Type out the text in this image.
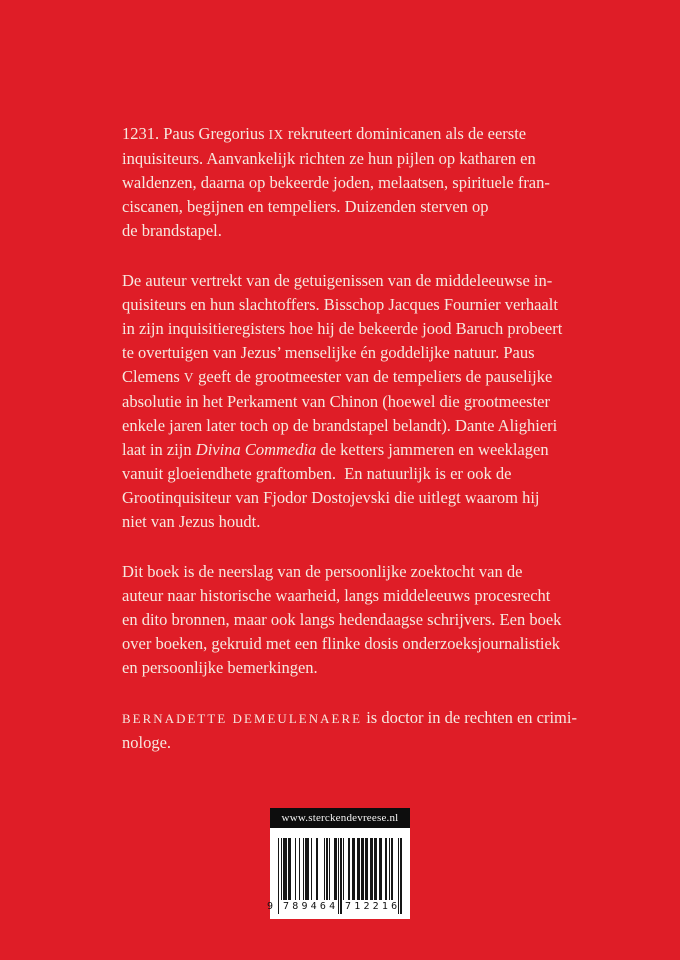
1231. Paus Gregorius IX rekruteert dominicanen als de eerste
inquisiteurs. Aanvankelijk richten ze hun pijlen op katharen en
waldenzen, daarna op bekeerde joden, melaatsen, spirituele fran-
ciscanen, begijnen en tempeliers. Duizenden sterven op
de brandstapel.
De auteur vertrekt van de getuigenissen van de middeleeuwse in-
quisiteurs en hun slachtoffers. Bisschop Jacques Fournier verhaalt
in zijn inquisitieregisters hoe hij de bekeerde jood Baruch probeert
te overtuigen van Jezus’ menselijke én goddelijke natuur. Paus
Clemens V geeft de grootmeester van de tempeliers de pauselijke
absolutie in het Perkament van Chinon (hoewel die grootmeester
enkele jaren later toch op de brandstapel belandt). Dante Alighieri
laat in zijn Divina Commedia de ketters jammeren en weeklagen
vanuit gloeiendhete graftomben.  En natuurlijk is er ook de
Grootinquisiteur van Fjodor Dostojevski die uitlegt waarom hij
niet van Jezus houdt.
Dit boek is de neerslag van de persoonlijke zoektocht van de
auteur naar historische waarheid, langs middeleeuws procesrecht
en dito bronnen, maar ook langs hedendaagse schrijvers. Een boek
over boeken, gekruid met een flinke dosis onderzoeksjournalistiek
en persoonlijke bemerkingen.
BERNADETTE DEMEULENAERE is doctor in de rechten en crimi-
nologe.
www.sterckendevreese.nl
9 789464 712216
